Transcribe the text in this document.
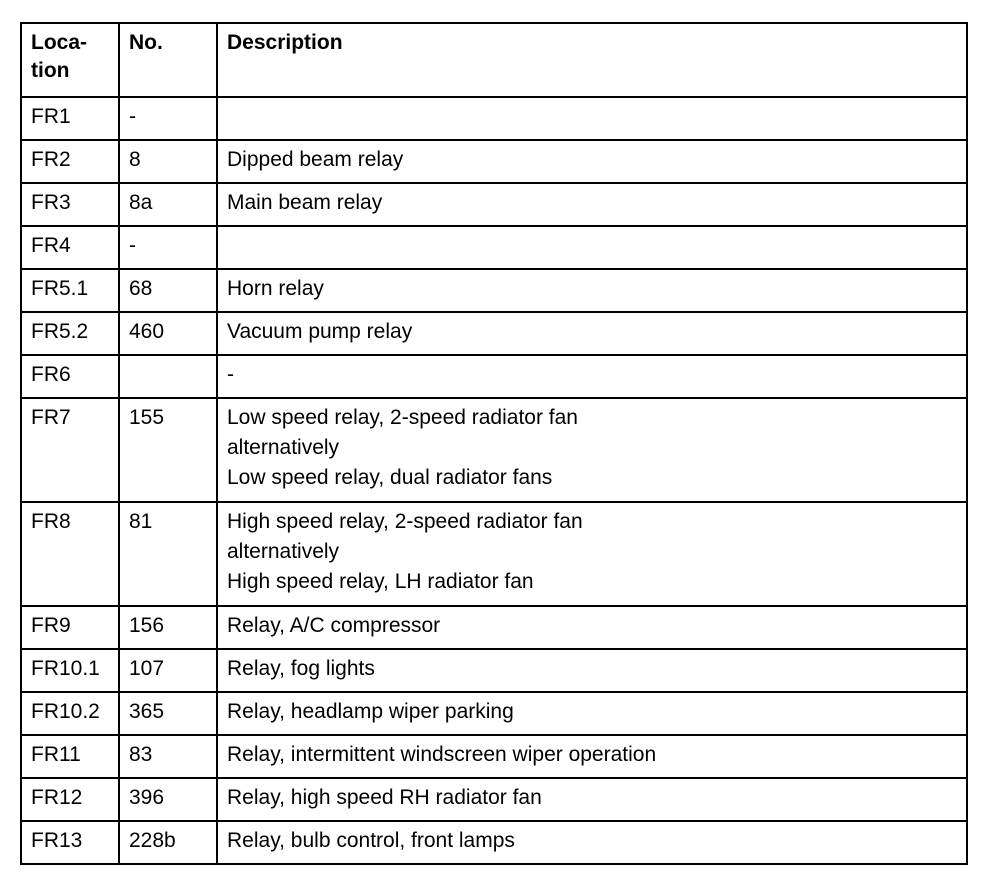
Loca-
tion	No.	Description
FR1	-	
FR2	8	Dipped beam relay
FR3	8a	Main beam relay
FR4	-	
FR5.1	68	Horn relay
FR5.2	460	Vacuum pump relay
FR6		-
FR7	155	Low speed relay, 2-speed radiator fan
alternatively
Low speed relay, dual radiator fans
FR8	81	High speed relay, 2-speed radiator fan
alternatively
High speed relay, LH radiator fan
FR9	156	Relay, A/C compressor
FR10.1	107	Relay, fog lights
FR10.2	365	Relay, headlamp wiper parking
FR11	83	Relay, intermittent windscreen wiper operation
FR12	396	Relay, high speed RH radiator fan
FR13	228b	Relay, bulb control, front lamps
